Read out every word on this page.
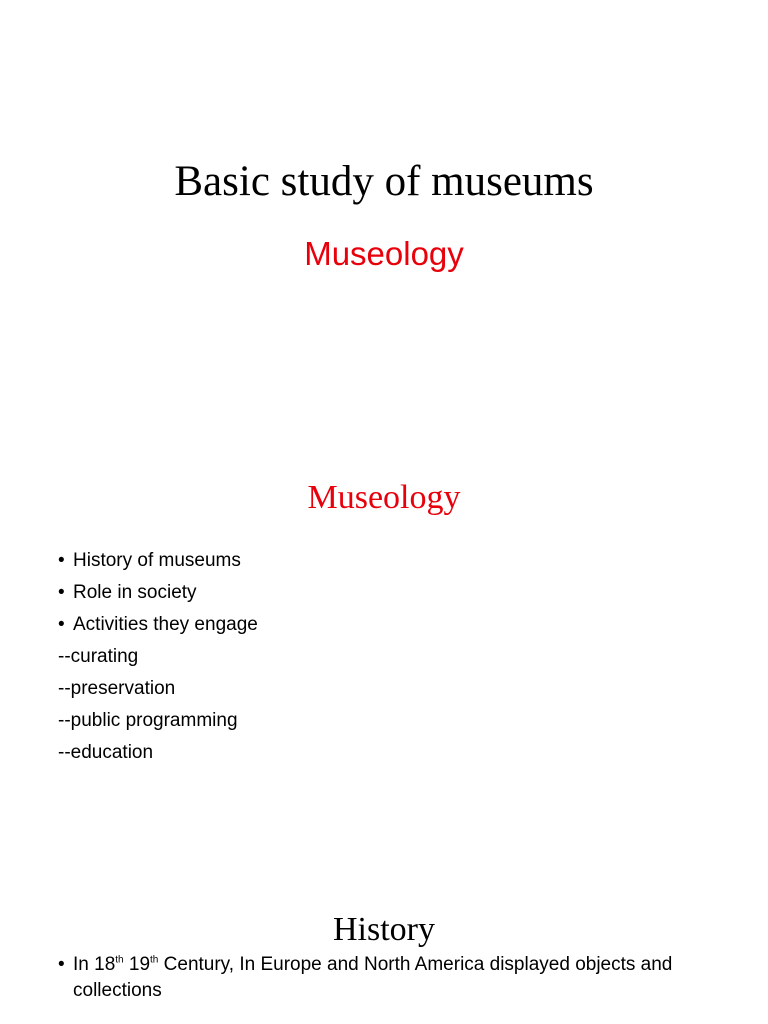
Basic study of museums
Museology
Museology
• History of museums
• Role in society
• Activities they engage
--curating
--preservation
--public programming
--education
History
• In 18th 19th Century, In Europe and North America displayed objects and collections
